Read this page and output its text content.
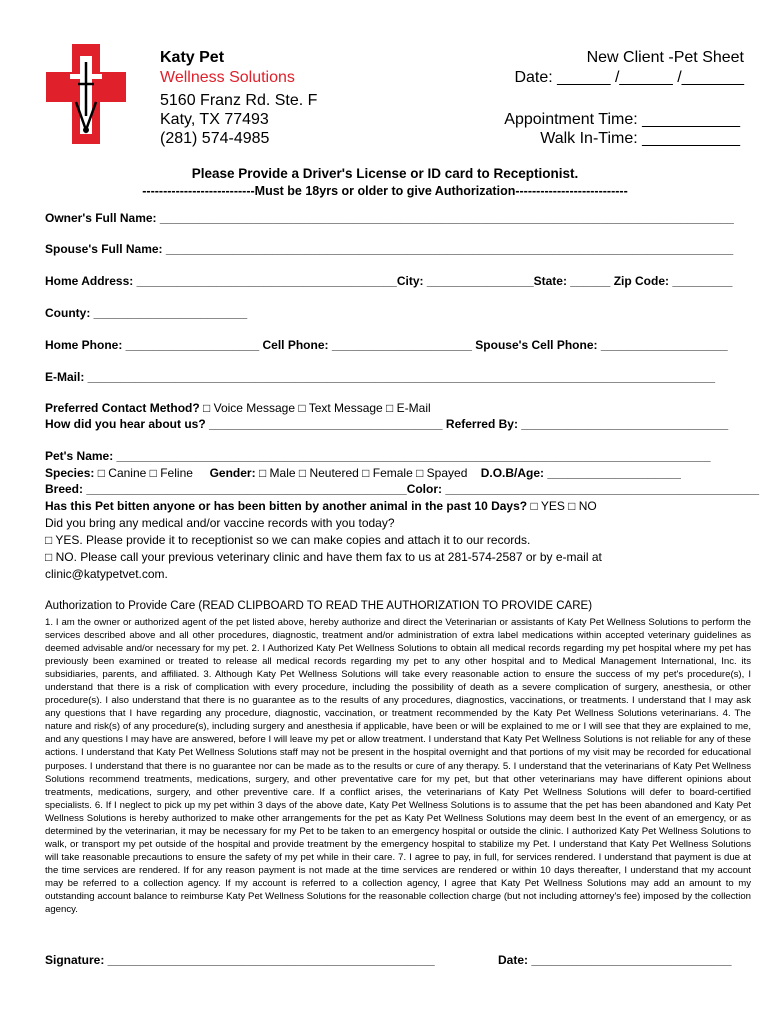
Katy Pet
Wellness Solutions
5160 Franz Rd. Ste. F
Katy, TX 77493
(281) 574-4985
New Client -Pet Sheet
Date: ______ /______ /_______
Appointment Time: ___________
Walk In-Time: ___________
Please Provide a Driver's License or ID card to Receptionist.
---------------------------Must be 18yrs or older to give Authorization---------------------------
Owner's Full Name: ______________________________________________________________________________________
Spouse's Full Name: _____________________________________________________________________________________
Home Address: _______________________________________City: ________________State: ______ Zip Code: _________
County: _______________________
Home Phone: ____________________ Cell Phone: _____________________ Spouse's Cell Phone: ___________________
E-Mail: ______________________________________________________________________________________________
Preferred Contact Method? □ Voice Message □ Text Message □ E-Mail
How did you hear about us? ___________________________________ Referred By: _______________________________
Pet's Name: _________________________________________________________________________________________
Species: □ Canine □ Feline Gender: □ Male □ Neutered □ Female □ Spayed D.O.B/Age: ____________________
Breed: ________________________________________________Color: _______________________________________________
Has this Pet bitten anyone or has been bitten by another animal in the past 10 Days? □ YES □ NO
Did you bring any medical and/or vaccine records with you today?
□ YES. Please provide it to receptionist so we can make copies and attach it to our records.
□ NO. Please call your previous veterinary clinic and have them fax to us at 281-574-2587 or by e-mail at
clinic@katypetvet.com.
Authorization to Provide Care (READ CLIPBOARD TO READ THE AUTHORIZATION TO PROVIDE CARE)
1. I am the owner or authorized agent of the pet listed above, hereby authorize and direct the Veterinarian or assistants of Katy Pet Wellness Solutions to perform the services described above and all other procedures, diagnostic, treatment and/or administration of extra label medications within accepted veterinary guidelines as deemed advisable and/or necessary for my pet. 2. I Authorized Katy Pet Wellness Solutions to obtain all medical records regarding my pet hospital where my pet has previously been examined or treated to release all medical records regarding my pet to any other hospital and to Medical Management International, Inc. its subsidiaries, parents, and affiliated. 3. Although Katy Pet Wellness Solutions will take every reasonable action to ensure the success of my pet's procedure(s), I understand that there is a risk of complication with every procedure, including the possibility of death as a severe complication of surgery, anesthesia, or other procedure(s). I also understand that there is no guarantee as to the results of any procedures, diagnostics, vaccinations, or treatments. I understand that I may ask any questions that I have regarding any procedure, diagnostic, vaccination, or treatment recommended by the Katy Pet Wellness Solutions veterinarians. 4. The nature and risk(s) of any procedure(s), including surgery and anesthesia if applicable, have been or will be explained to me or I will see that they are explained to me, and any questions I may have are answered, before I will leave my pet or allow treatment. I understand that Katy Pet Wellness Solutions is not reliable for any of these actions. I understand that Katy Pet Wellness Solutions staff may not be present in the hospital overnight and that portions of my visit may be recorded for educational purposes. I understand that there is no guarantee nor can be made as to the results or cure of any therapy. 5. I understand that the veterinarians of Katy Pet Wellness Solutions recommend treatments, medications, surgery, and other preventative care for my pet, but that other veterinarians may have different opinions about treatments, medications, surgery, and other preventive care. If a conflict arises, the veterinarians of Katy Pet Wellness Solutions will defer to board-certified specialists. 6. If I neglect to pick up my pet within 3 days of the above date, Katy Pet Wellness Solutions is to assume that the pet has been abandoned and Katy Pet Wellness Solutions is hereby authorized to make other arrangements for the pet as Katy Pet Wellness Solutions may deem best In the event of an emergency, or as determined by the veterinarian, it may be necessary for my Pet to be taken to an emergency hospital or outside the clinic. I authorized Katy Pet Wellness Solutions to walk, or transport my pet outside of the hospital and provide treatment by the emergency hospital to stabilize my Pet. I understand that Katy Pet Wellness Solutions will take reasonable precautions to ensure the safety of my pet while in their care. 7. I agree to pay, in full, for services rendered. I understand that payment is due at the time services are rendered. If for any reason payment is not made at the time services are rendered or within 10 days thereafter, I understand that my account may be referred to a collection agency. If my account is referred to a collection agency, I agree that Katy Pet Wellness Solutions may add an amount to my outstanding account balance to reimburse Katy Pet Wellness Solutions for the reasonable collection charge (but not including attorney's fee) imposed by the collection agency.
Signature: _________________________________________________	Date: ______________________________
